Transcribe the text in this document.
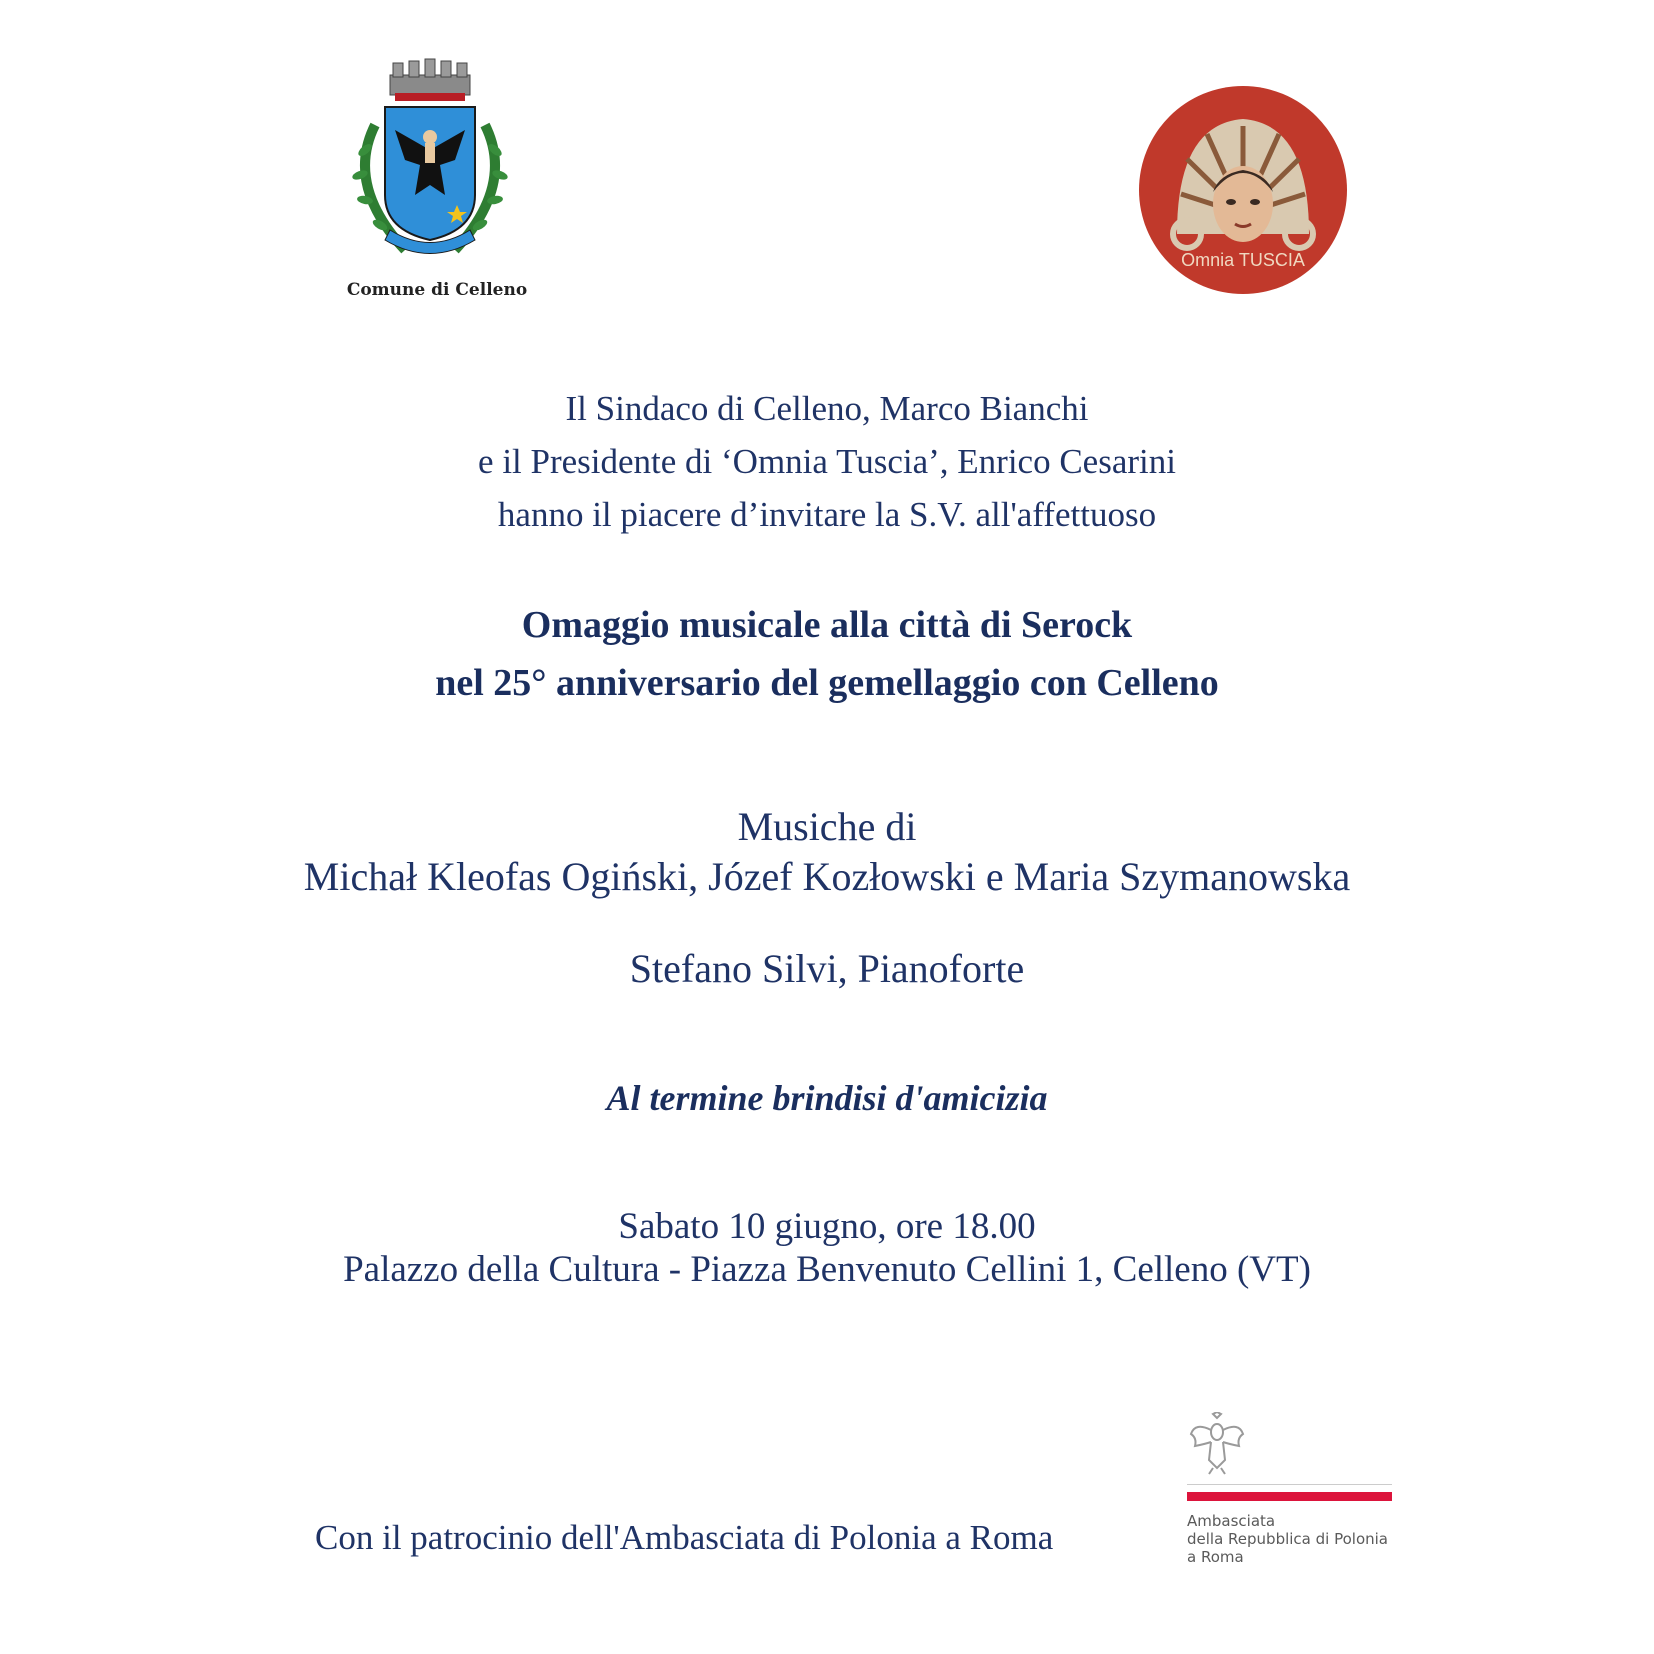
Comune di Celleno
Omnia TUSCIA
Il Sindaco di Celleno, Marco Bianchi
e il Presidente di ‘Omnia Tuscia’, Enrico Cesarini
hanno il piacere d’invitare la S.V. all'affettuoso
Omaggio musicale alla città di Serock
nel 25° anniversario del gemellaggio con Celleno
Musiche di
Michał Kleofas Ogiński, Józef Kozłowski e Maria Szymanowska
Stefano Silvi, Pianoforte
Al termine brindisi d'amicizia
Sabato 10 giugno, ore 18.00
Palazzo della Cultura - Piazza Benvenuto Cellini 1, Celleno (VT)
Con il patrocinio dell'Ambasciata di Polonia a Roma	Ambasciata
della Repubblica di Polonia
a Roma
